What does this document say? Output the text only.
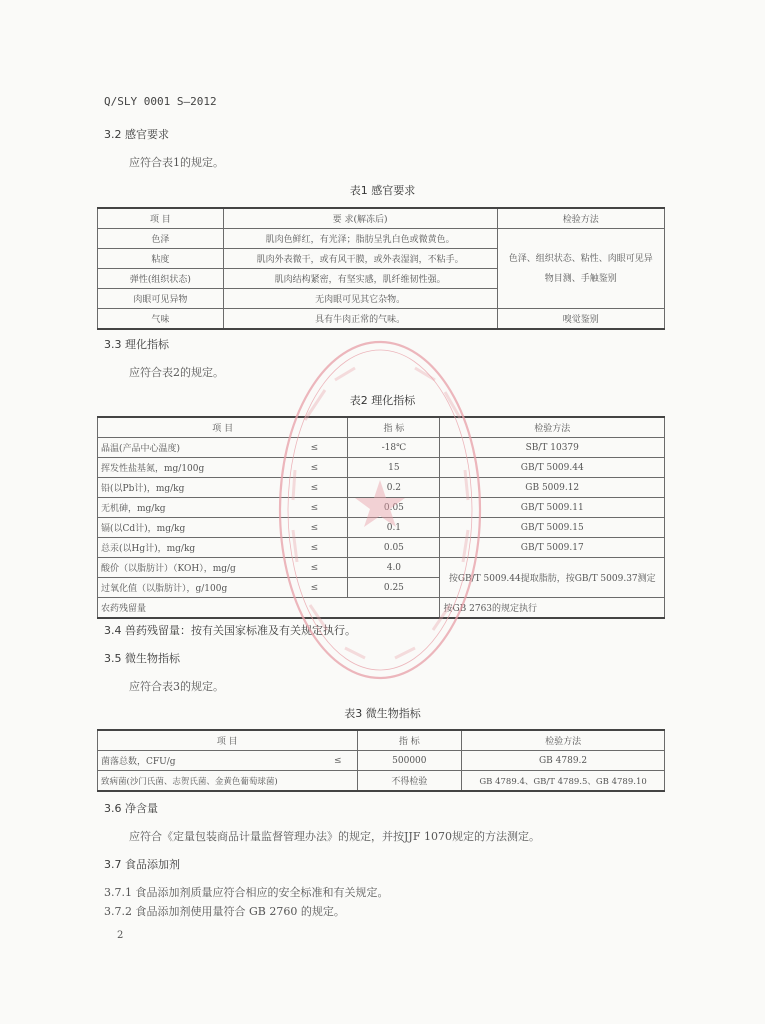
Q/SLY 0001 S—2012
3.2 感官要求
应符合表1的规定。
表1 感官要求
项 目	要 求(解冻后)	检验方法
色泽	肌肉色鲜红，有光泽；脂肪呈乳白色或微黄色。	色泽、组织状态、粘性、肉眼可见异物目测、手触鉴别
粘度	肌肉外表微干，或有风干膜，或外表湿润，不粘手。	
弹性(组织状态)	肌肉结构紧密，有坚实感，肌纤维韧性强。	
肉眼可见异物	无肉眼可见其它杂物。	
气味	具有牛肉正常的气味。	嗅觉鉴别
3.3 理化指标
应符合表2的规定。
表2 理化指标
项 目		指 标	检验方法
晶温(产品中心温度)	≤	-18℃	SB/T 10379
挥发性盐基氮，mg/100g	≤	15	GB/T 5009.44
铅(以Pb计)，mg/kg	≤	0.2	GB 5009.12
无机砷，mg/kg	≤	0.05	GB/T 5009.11
镉(以Cd计)，mg/kg	≤	0.1	GB/T 5009.15
总汞(以Hg计)，mg/kg	≤	0.05	GB/T 5009.17
酸价（以脂肪计）（KOH），mg/g	≤	4.0	按GB/T 5009.44提取脂肪，按GB/T 5009.37测定
过氧化值（以脂肪计），g/100g	≤	0.25	
农药残留量			按GB 2763的规定执行
3.4 兽药残留量：按有关国家标准及有关规定执行。
3.5 微生物指标
应符合表3的规定。
表3 微生物指标
项 目		指 标	检验方法
菌落总数，CFU/g	≤	500000	GB 4789.2
致病菌(沙门氏菌、志贺氏菌、金黄色葡萄球菌)		不得检验	GB 4789.4、GB/T 4789.5、GB 4789.10
3.6 净含量
应符合《定量包装商品计量监督管理办法》的规定，并按JJF 1070规定的方法测定。
3.7 食品添加剂
3.7.1 食品添加剂质量应符合相应的安全标准和有关规定。
3.7.2 食品添加剂使用量符合 GB 2760 的规定。
2
